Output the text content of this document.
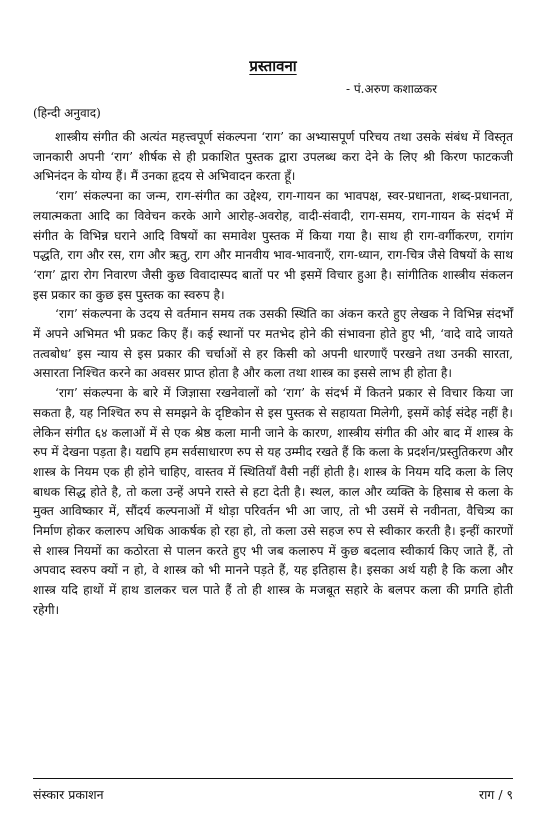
प्रस्तावना
- पं.अरुण कशाळकर
(हिन्दी अनुवाद)

शास्त्रीय संगीत की अत्यंत महत्त्वपूर्ण संकल्पना ‘राग’ का अभ्यासपूर्ण परिचय तथा उसके संबंध में विस्तृत जानकारी अपनी ‘राग’ शीर्षक से ही प्रकाशित पुस्तक द्वारा उपलब्ध करा देने के लिए श्री किरण फाटकजी अभिनंदन के योग्य हैं। मैं उनका हृदय से अभिवादन करता हूँ।

‘राग’ संकल्पना का जन्म, राग-संगीत का उद्देश्य, राग-गायन का भावपक्ष, स्वर-प्रधानता, शब्द-प्रधानता, लयात्मकता आदि का विवेचन करके आगे आरोह-अवरोह, वादी-संवादी, राग-समय, राग-गायन के संदर्भ में संगीत के विभिन्न घराने आदि विषयों का समावेश पुस्तक में किया गया है। साथ ही राग-वर्गीकरण, रागांग पद्धति, राग और रस, राग और ऋतु, राग और मानवीय भाव-भावनाएँ, राग-ध्यान, राग-चित्र जैसे विषयों के साथ ‘राग’ द्वारा रोग निवारण जैसी कुछ विवादास्पद बातों पर भी इसमें विचार हुआ है। सांगीतिक शास्त्रीय संकलन इस प्रकार का कुछ इस पुस्तक का स्वरुप है।

‘राग’ संकल्पना के उदय से वर्तमान समय तक उसकी स्थिति का अंकन करते हुए लेखक ने विभिन्न संदर्भों में अपने अभिमत भी प्रकट किए हैं। कई स्थानों पर मतभेद होने की संभावना होते हुए भी, ‘वादे वादे जायते तत्वबोध’ इस न्याय से इस प्रकार की चर्चाओं से हर किसी को अपनी धारणाएँ परखने तथा उनकी सारता, असारता निश्चित करने का अवसर प्राप्त होता है और कला तथा शास्त्र का इससे लाभ ही होता है।

‘राग’ संकल्पना के बारे में जिज्ञासा रखनेवालों को ‘राग’ के संदर्भ में कितने प्रकार से विचार किया जा सकता है, यह निश्चित रुप से समझने के दृष्टिकोन से इस पुस्तक से सहायता मिलेगी, इसमें कोई संदेह नहीं है। लेकिन संगीत ६४ कलाओं में से एक श्रेष्ठ कला मानी जाने के कारण, शास्त्रीय संगीत की ओर बाद में शास्त्र के रुप में देखना पड़ता है। यद्यपि हम सर्वसाधारण रुप से यह उम्मीद रखते हैं कि कला के प्रदर्शन/प्रस्तुतिकरण और शास्त्र के नियम एक ही होने चाहिए, वास्तव में स्थितियाँ वैसी नहीं होती है। शास्त्र के नियम यदि कला के लिए बाधक सिद्ध होते है, तो कला उन्हें अपने रास्ते से हटा देती है। स्थल, काल और व्यक्ति के हिसाब से कला के मुक्त आविष्कार में, सौंदर्य कल्पनाओं में थोड़ा परिवर्तन भी आ जाए, तो भी उसमें से नवीनता, वैचित्र्य का निर्माण होकर कलारुप अधिक आकर्षक हो रहा हो, तो कला उसे सहज रुप से स्वीकार करती है। इन्हीं कारणों से शास्त्र नियमों का कठोरता से पालन करते हुए भी जब कलारुप में कुछ बदलाव स्वीकार्य किए जाते हैं, तो अपवाद स्वरुप क्यों न हो, वे शास्त्र को भी मानने पड़ते हैं, यह इतिहास है। इसका अर्थ यही है कि कला और शास्त्र यदि हाथों में हाथ डालकर चल पाते हैं तो ही शास्त्र के मजबूत सहारे के बलपर कला की प्रगति होती रहेगी।

संस्कार प्रकाशन	राग / ९
